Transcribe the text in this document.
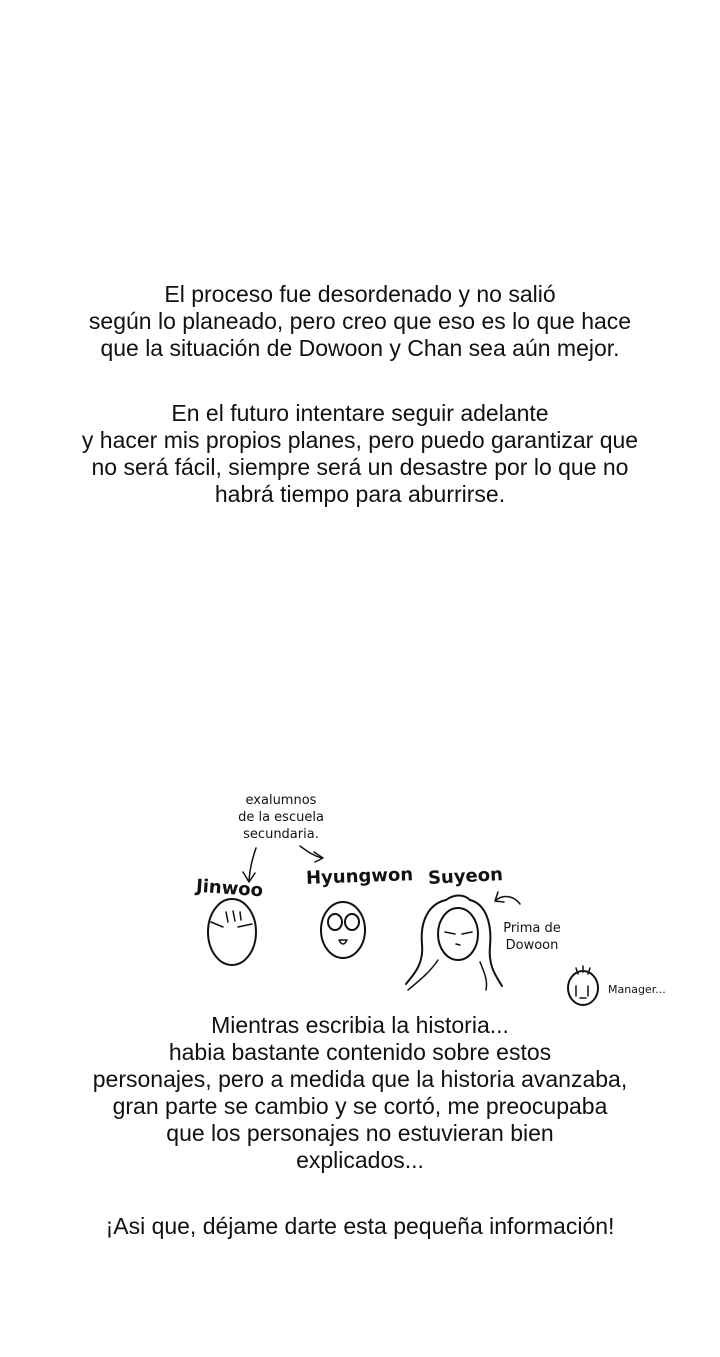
El proceso fue desordenado y no salió
según lo planeado, pero creo que eso es lo que hace
que la situación de Dowoon y Chan sea aún mejor.
En el futuro intentare seguir adelante
y hacer mis propios planes, pero puedo garantizar que
no será fácil, siempre será un desastre por lo que no
habrá tiempo para aburrirse.
exalumnos
de la escuela
secundaria.
Jinwoo Hyungwon Suyeon
Prima de
Dowoon
Manager...
Mientras escribia la historia...
habia bastante contenido sobre estos
personajes, pero a medida que la historia avanzaba,
gran parte se cambio y se cortó, me preocupaba
que los personajes no estuvieran bien
explicados...
¡Asi que, déjame darte esta pequeña información!
